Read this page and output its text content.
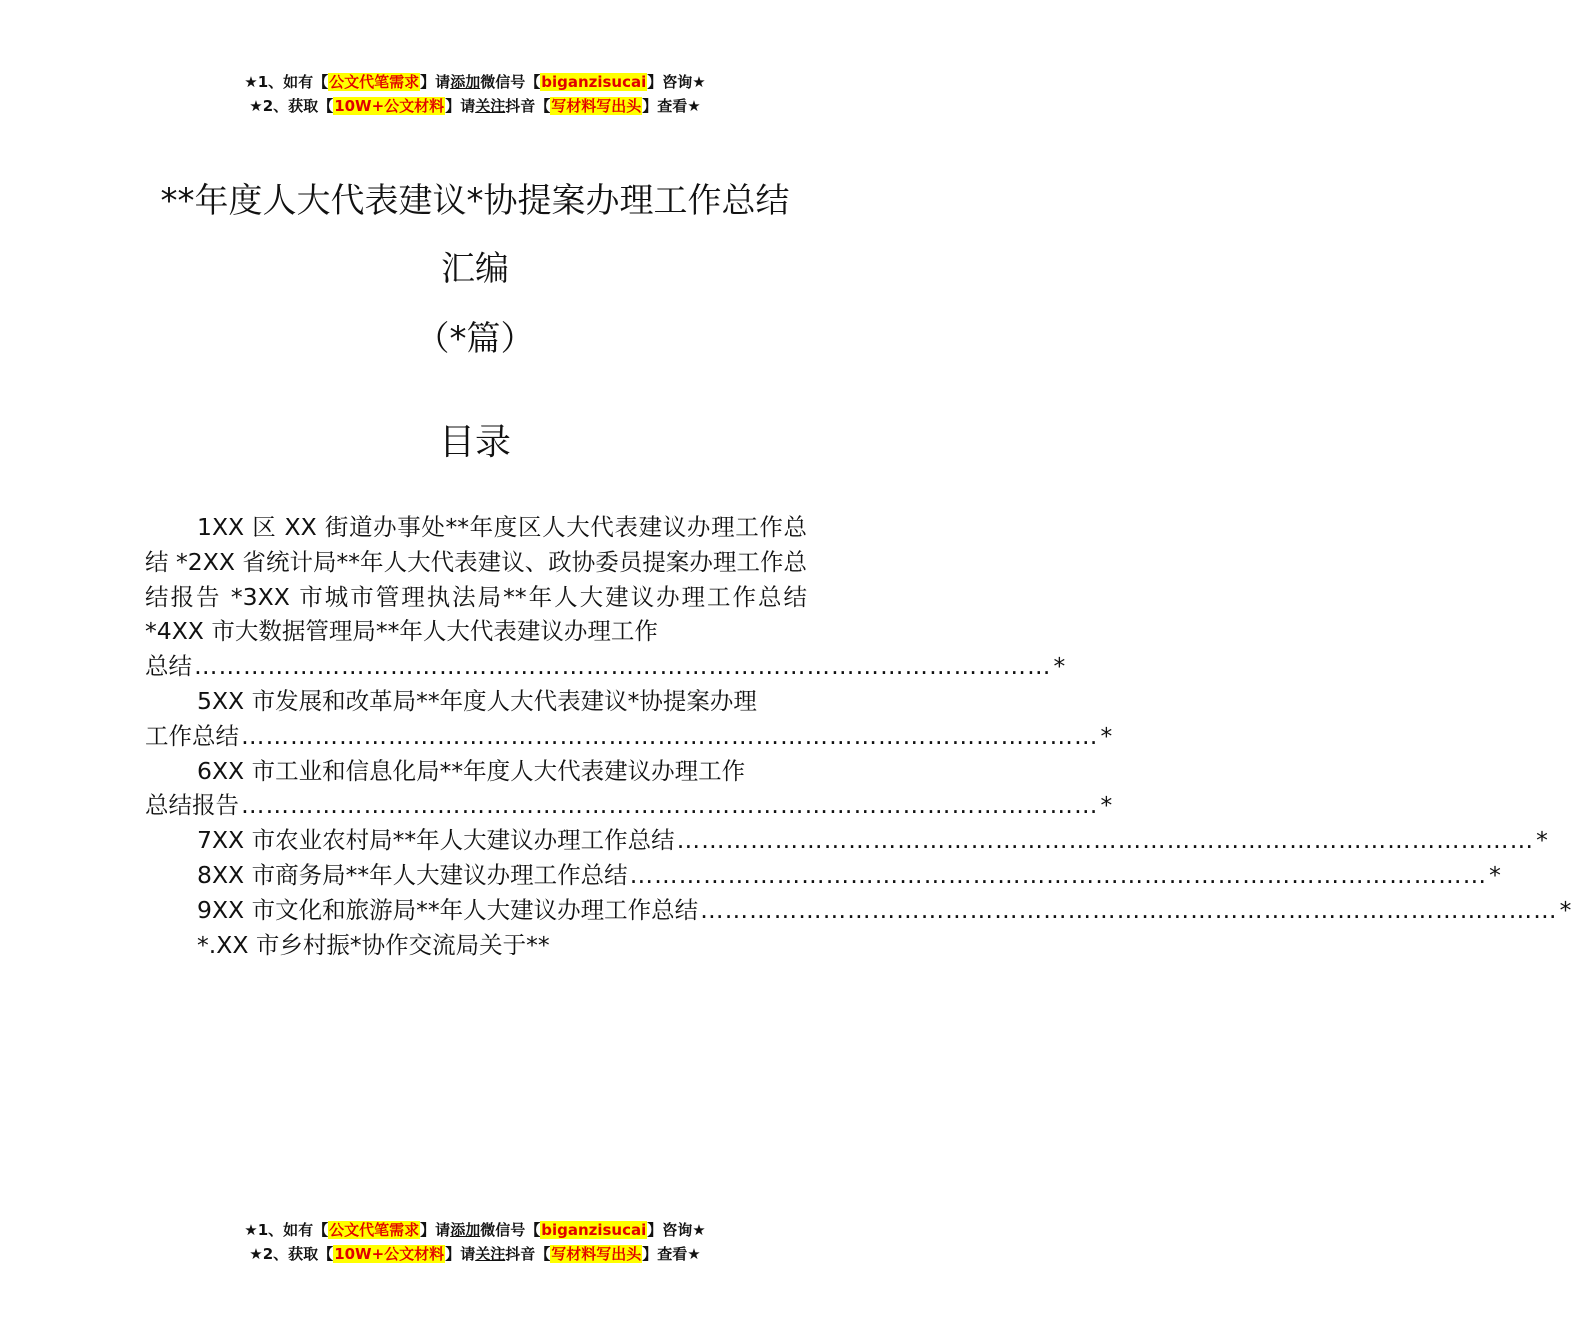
★1、如有【公文代笔需求】请添加微信号【biganzisucai】咨询★
★2、获取【10W+公文材料】请关注抖音【写材料写出头】查看★
**年度人大代表建议*协提案办理工作总结
汇编
（*篇）
目录
1XX 区 XX 街道办事处**年度区人大代表建议办理工作总结 *2XX 省统计局**年人大代表建议、政协委员提案办理工作总结报告 *3XX 市城市管理执法局**年人大建议办理工作总结 *4XX 市大数据管理局**年人大代表建议办理工作
总结 …………………………………………………………………………………………… *
5XX 市发展和改革局**年度人大代表建议*协提案办理
工作总结 …………………………………………………………………………………………… *
6XX 市工业和信息化局**年度人大代表建议办理工作
总结报告 …………………………………………………………………………………………… *
7XX 市农业农村局**年人大建议办理工作总结 …………………………………………………………………………………………… *
8XX 市商务局**年人大建议办理工作总结 …………………………………………………………………………………………… *
9XX 市文化和旅游局**年人大建议办理工作总结 …………………………………………………………………………………………… *
*.XX 市乡村振*协作交流局关于**
★1、如有【公文代笔需求】请添加微信号【biganzisucai】咨询★
★2、获取【10W+公文材料】请关注抖音【写材料写出头】查看★
